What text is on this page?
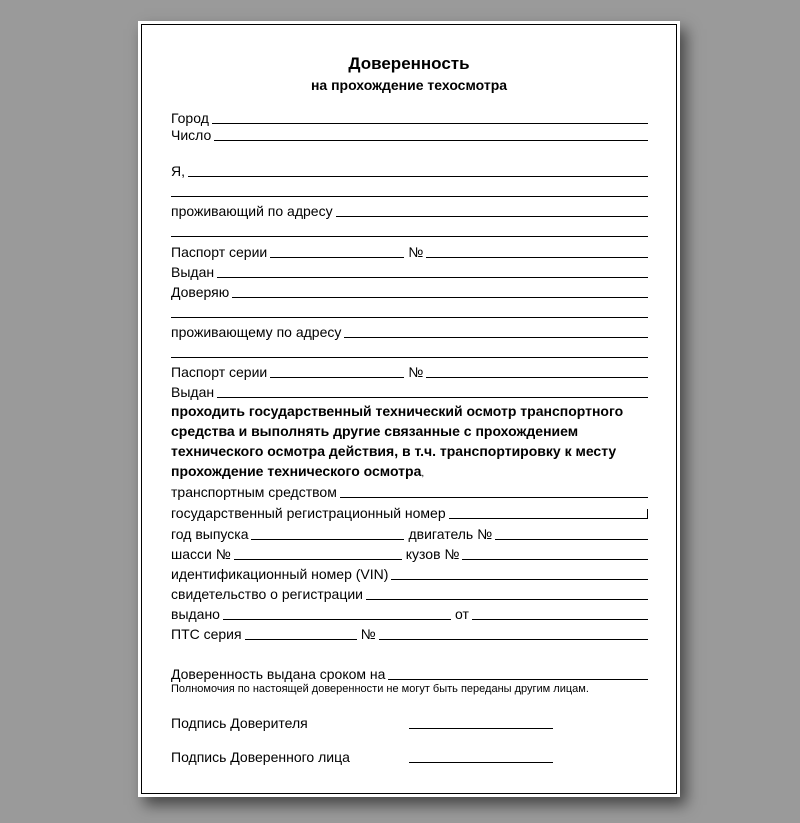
Доверенность
на прохождение техосмотра
Город
Число
Я,
проживающий по адресу
Паспорт серии	№
Выдан
Доверяю
проживающему по адресу
Паспорт серии	№
Выдан
проходить государственный технический осмотр транспортного средства и выполнять другие связанные с прохождением технического осмотра действия, в т.ч. транспортировку к месту прохождение технического осмотра,
транспортным средством
государственный регистрационный номер
год выпуска	двигатель №
шасси №	кузов №
идентификационный номер (VIN)
свидетельство о регистрации
выдано	от
ПТС серия	№
Доверенность выдана сроком на
Полномочия по настоящей доверенности не могут быть переданы другим лицам.
Подпись Доверителя
Подпись Доверенного лица
